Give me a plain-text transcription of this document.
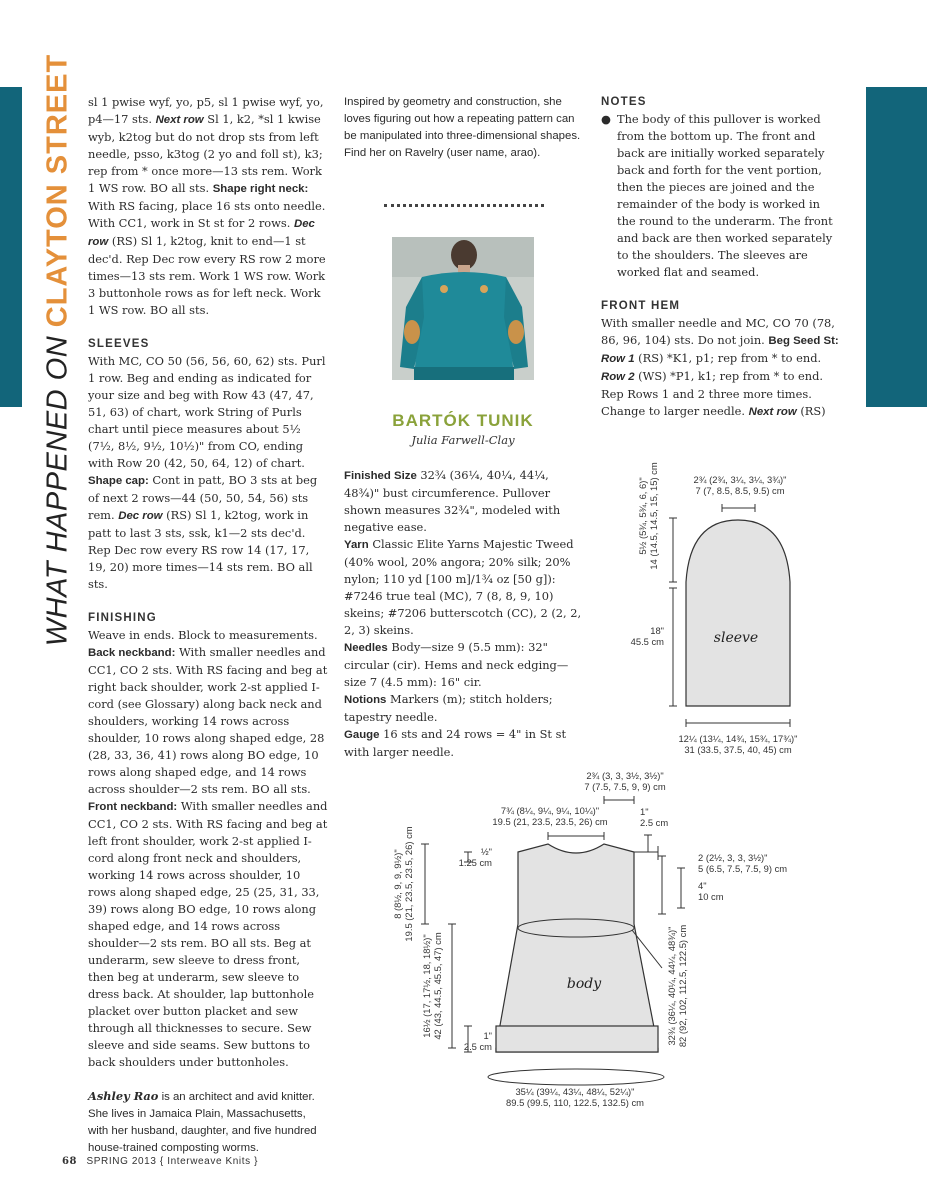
WHAT HAPPENED ON CLAYTON STREET sl 1 pwise wyf, yo, p5, sl 1 pwise wyf, yo, p4—17 sts. Next row Sl 1, k2, *sl 1 kwise wyb, k2tog but do not drop sts from left needle, psso, k3tog (2 yo and foll st), k3; rep from * once more—13 sts rem. Work 1 WS row. BO all sts. Shape right neck: With RS facing, place 16 sts onto needle. With CC1, work in St st for 2 rows. Dec row (RS) Sl 1, k2tog, knit to end—1 st dec'd. Rep Dec row every RS row 2 more times—13 sts rem. Work 1 WS row. Work 3 buttonhole rows as for left neck. Work 1 WS row. BO all sts.

SLEEVES

With MC, CO 50 (56, 56, 60, 62) sts. Purl 1 row. Beg and ending as indicated for your size and beg with Row 43 (47, 47, 51, 63) of chart, work String of Purls chart until piece measures about 5½ (7½, 8½, 9½, 10½)" from CO, ending with Row 20 (42, 50, 64, 12) of chart. Shape cap: Cont in patt, BO 3 sts at beg of next 2 rows—44 (50, 50, 54, 56) sts rem. Dec row (RS) Sl 1, k2tog, work in patt to last 3 sts, ssk, k1—2 sts dec'd. Rep Dec row every RS row 14 (17, 17, 19, 20) more times—14 sts rem. BO all sts.

FINISHING

Weave in ends. Block to measurements. Back neckband: With smaller needles and CC1, CO 2 sts. With RS facing and beg at right back shoulder, work 2-st applied I-cord (see Glossary) along back neck and shoulders, working 14 rows across shoulder, 10 rows along shaped edge, 28 (28, 33, 36, 41) rows along BO edge, 10 rows along shaped edge, and 14 rows across shoulder—2 sts rem. BO all sts. Front neckband: With smaller needles and CC1, CO 2 sts. With RS facing and beg at left front shoulder, work 2-st applied I-cord along front neck and shoulders, working 14 rows across shoulder, 10 rows along shaped edge, 25 (25, 31, 33, 39) rows along BO edge, 10 rows along shaped edge, and 14 rows across shoulder—2 sts rem. BO all sts. Beg at underarm, sew sleeve to dress front, then beg at underarm, sew sleeve to dress back. At shoulder, lap buttonhole placket over button placket and sew through all thicknesses to secure. Sew sleeve and side seams. Sew buttons to back shoulders under buttonholes.

Ashley Rao is an architect and avid knitter. She lives in Jamaica Plain, Massachusetts, with her husband, daughter, and five hundred house-trained composting worms.

Inspired by geometry and construction, she loves figuring out how a repeating pattern can be manipulated into three-dimensional shapes. Find her on Ravelry (user name, arao).

BARTÓK TUNIK
Julia Farwell-Clay

Finished Size 32¾ (36¼, 40¼, 44¼, 48¾)" bust circumference. Pullover shown measures 32¾", modeled with negative ease.

Yarn Classic Elite Yarns Majestic Tweed (40% wool, 20% angora; 20% silk; 20% nylon; 110 yd [100 m]/1¾ oz [50 g]): #7246 true teal (MC), 7 (8, 8, 9, 10) skeins; #7206 butterscotch (CC), 2 (2, 2, 2, 3) skeins.

Needles Body—size 9 (5.5 mm): 32" circular (cir). Hems and neck edging—size 7 (4.5 mm): 16" cir.

Notions Markers (m); stitch holders; tapestry needle.

Gauge 16 sts and 24 rows = 4" in St st with larger needle.

NOTES

● The body of this pullover is worked from the bottom up. The front and back are initially worked separately back and forth for the vent portion, then the pieces are joined and the remainder of the body is worked in the round to the underarm. The front and back are then worked separately to the shoulders. The sleeves are worked flat and seamed.

FRONT HEM

With smaller needle and MC, CO 70 (78, 86, 96, 104) sts. Do not join. Beg Seed St: Row 1 (RS) *K1, p1; rep from * to end. Row 2 (WS) *P1, k1; rep from * to end. Rep Rows 1 and 2 three more times. Change to larger needle. Next row (RS)

sleeve
2¾ (2¾, 3¼, 3¼, 3¾)"
7 (7, 8.5, 8.5, 9.5) cm
5½ (5¾, 5¾, 6, 6)" 14 (14.5, 14.5, 15, 15) cm
18"
45.5 cm
12¼ (13¼, 14¾, 15¾, 17¾)"
31 (33.5, 37.5, 40, 45) cm
body
2¾ (3, 3, 3½, 3½)"
7 (7.5, 7.5, 9, 9) cm
7¾ (8¼, 9¼, 9¼, 10¼)"
19.5 (21, 23.5, 23.5, 26) cm
1"
2.5 cm
½"
1.25 cm	2 (2½, 3, 3, 3½)"
5 (6.5, 7.5, 7.5, 9) cm
4"
10 cm
8 (8½, 9, 9, 9½)" 19.5 (21, 23.5, 23.5, 26) cm
16½ (17, 17½, 18, 18½)" 42 (43, 44.5, 45.5, 47) cm	1"
2.5 cm
32¾ (36¼, 40¼, 44¼, 48¾)" 82 (92, 102, 112.5, 122.5) cm
35¼ (39¼, 43¼, 48¼, 52¼)"
89.5 (99.5, 110, 122.5, 132.5) cm
68 SPRING 2013 { Interweave Knits }
